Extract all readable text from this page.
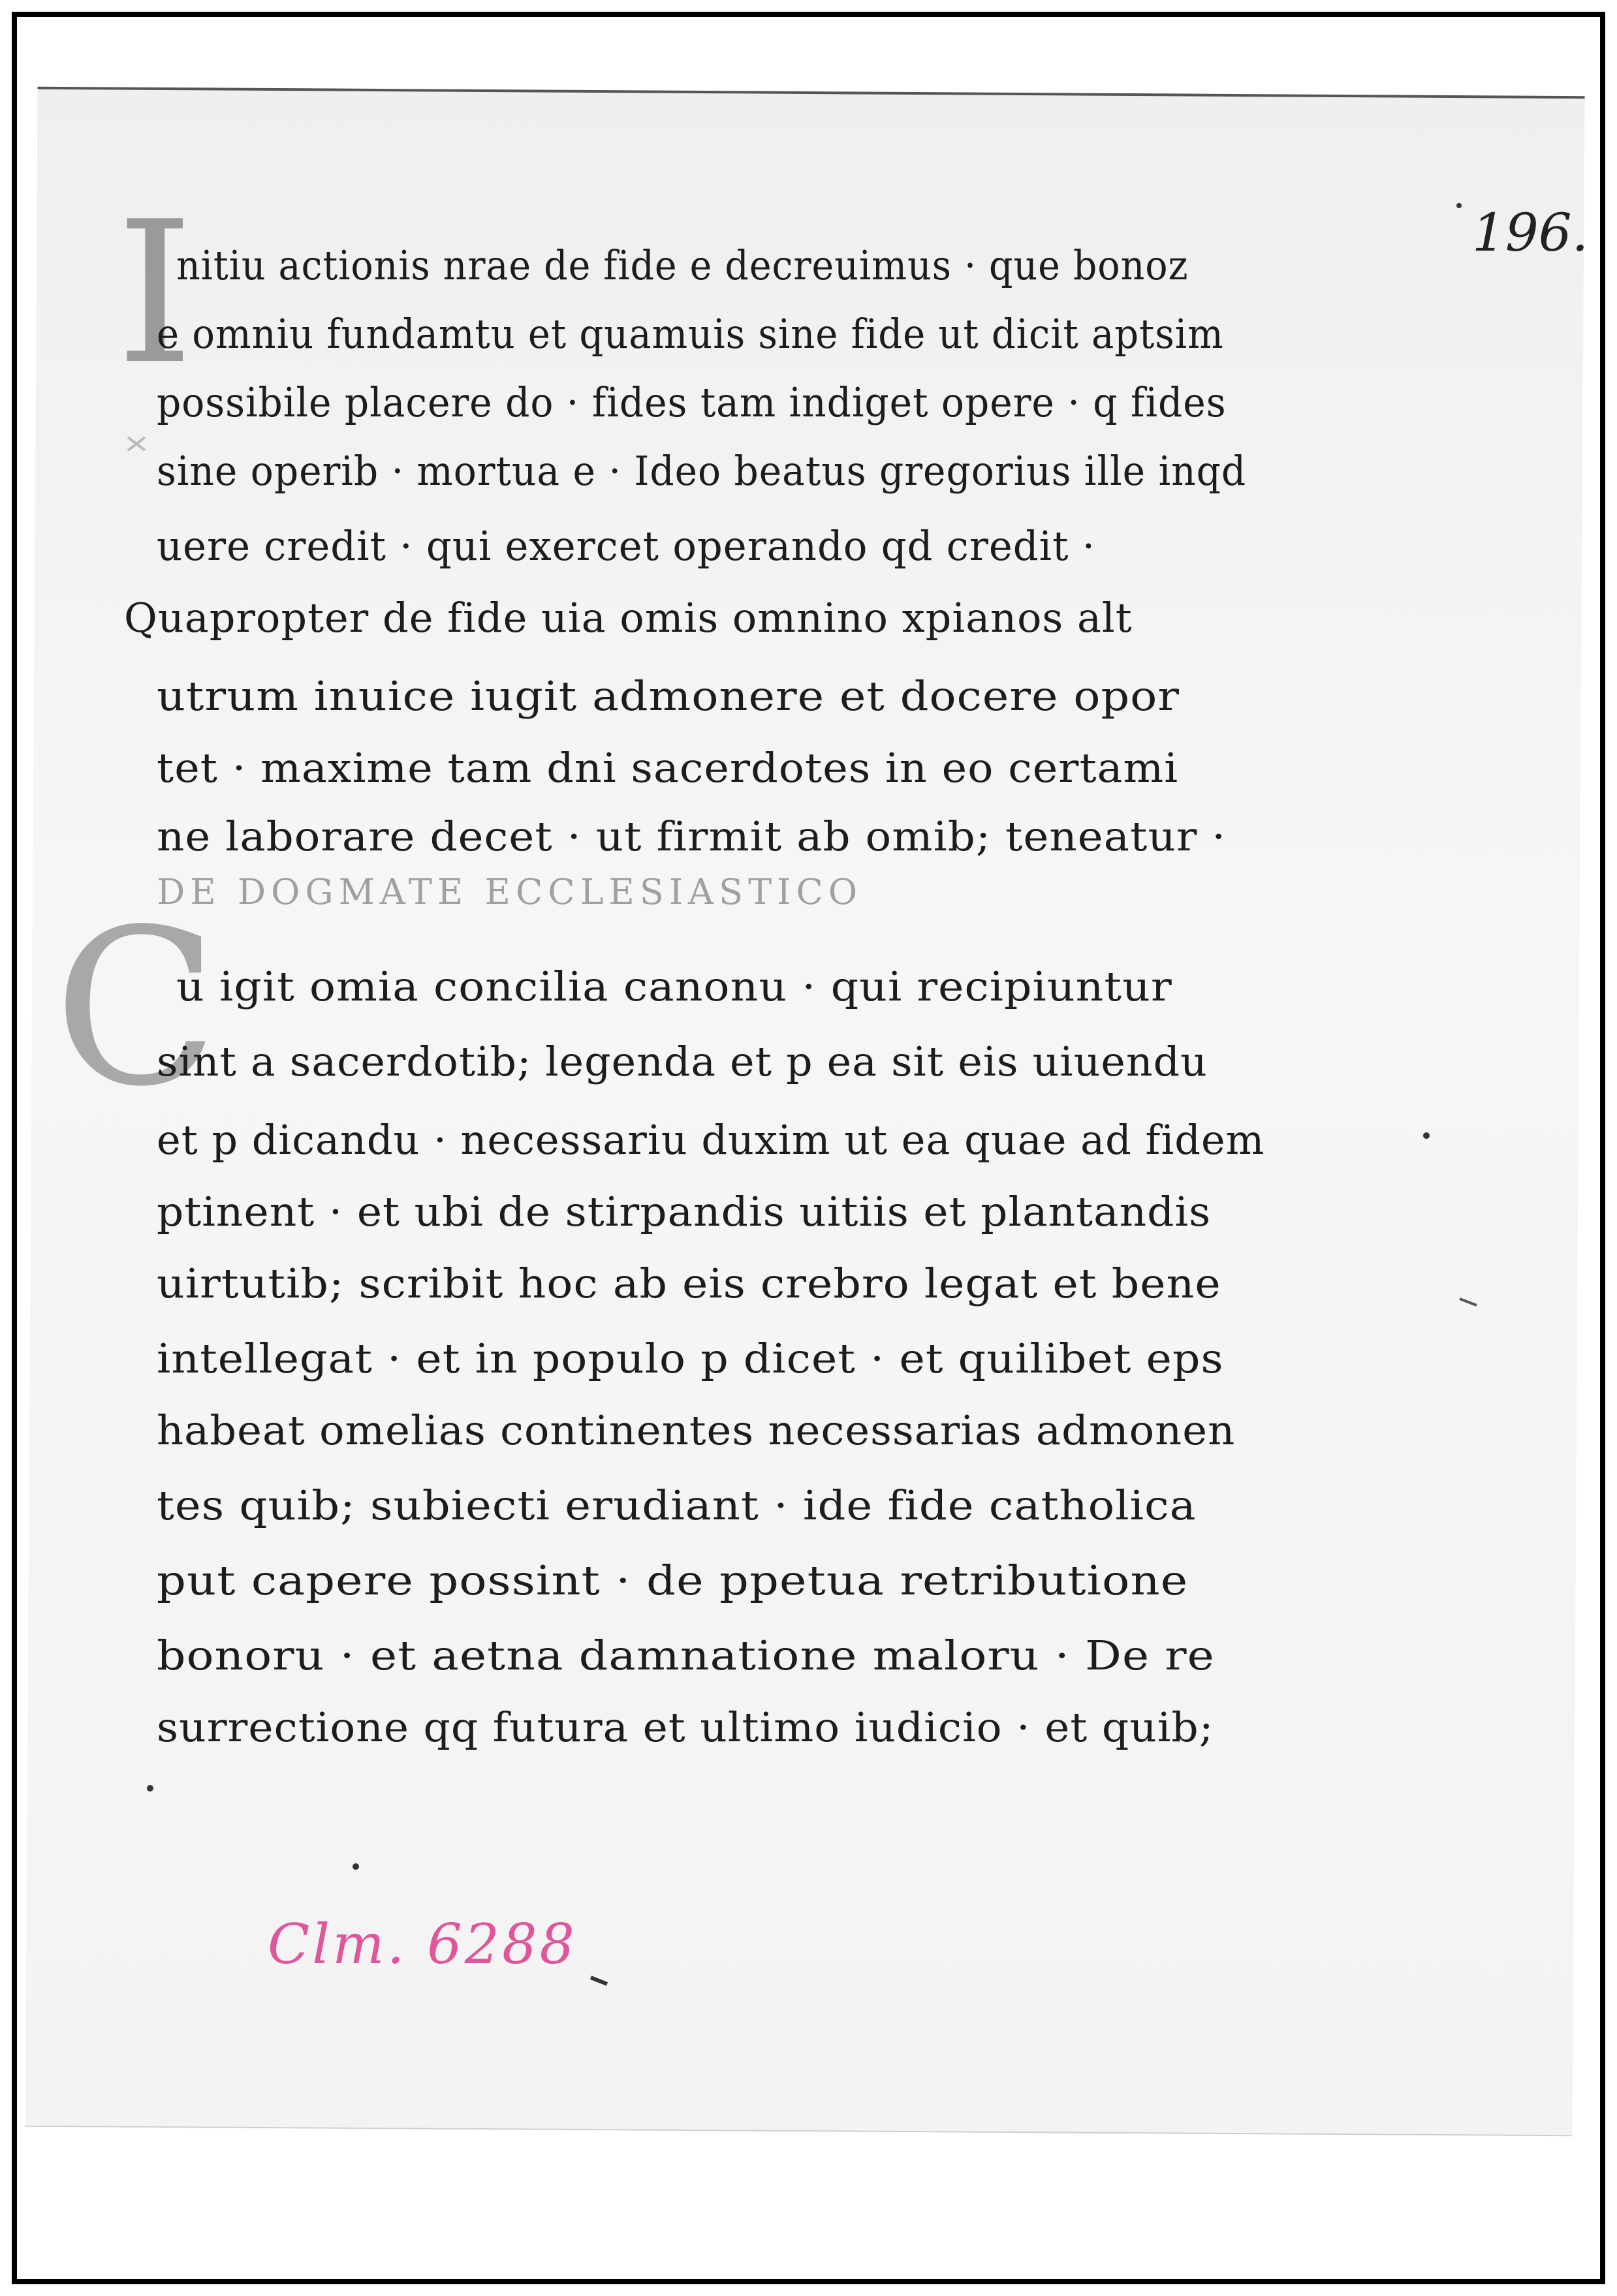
196.
I
nitiu actionis nrae de fide e decreuimus · que bonoz
e omniu fundamtu et quamuis sine fide ut dicit aptsim
possibile placere do · fides tam indiget opere · q fides
sine operib · mortua e · Ideo beatus gregorius ille inqd
uere credit · qui exercet operando qd credit ·
Quapropter de fide uia omis omnino xpianos alt
utrum inuice iugit admonere et docere opor
tet · maxime tam dni sacerdotes in eo certami
ne laborare decet · ut firmit ab omib; teneatur ·
DE DOGMATE ECCLESIASTICO
C
u igit omia concilia canonu · qui recipiuntur
sint a sacerdotib; legenda et p ea sit eis uiuendu
et p dicandu · necessariu duxim ut ea quae ad fidem
ptinent · et ubi de stirpandis uitiis et plantandis
uirtutib; scribit hoc ab eis crebro legat et bene
intellegat · et in populo p dicet · et quilibet eps
habeat omelias continentes necessarias admonen
tes quib; subiecti erudiant · ide fide catholica
put capere possint · de ppetua retributione
bonoru · et aetna damnatione maloru · De re
surrectione qq futura et ultimo iudicio · et quib;
Clm. 6288
